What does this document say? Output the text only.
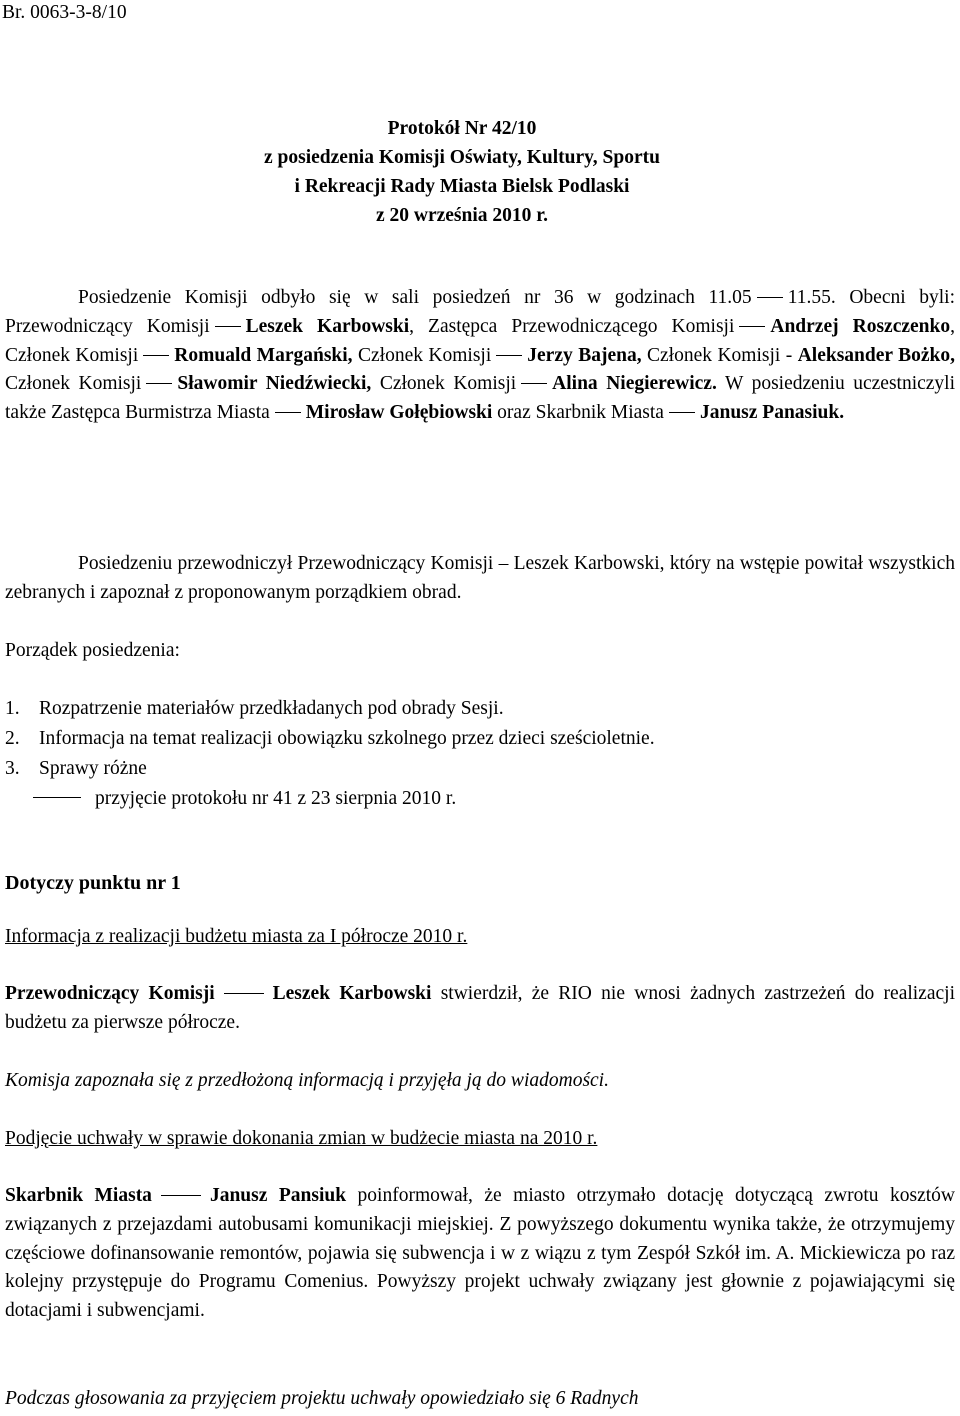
Br. 0063-3-8/10
Protokół Nr 42/10
z posiedzenia Komisji Oświaty, Kultury, Sportu
i Rekreacji Rady Miasta Bielsk Podlaski
z 20 września 2010 r.
Posiedzenie Komisji odbyło się w sali posiedzeń nr 36 w godzinach 11.05 11.55. Obecni byli: Przewodniczący Komisji Leszek Karbowski, Zastępca Przewodniczącego Komisji Andrzej Roszczenko, Członek Komisji Romuald Margański, Członek Komisji Jerzy Bajena, Członek Komisji - Aleksander Bożko, Członek Komisji Sławomir Niedźwiecki, Członek Komisji Alina Niegierewicz. W posiedzeniu uczestniczyli także Zastępca Burmistrza Miasta Mirosław Gołębiowski oraz Skarbnik Miasta Janusz Panasiuk.
Posiedzeniu przewodniczył Przewodniczący Komisji – Leszek Karbowski, który na wstępie powitał wszystkich zebranych i zapoznał z proponowanym porządkiem obrad.
Porządek posiedzenia:
1. Rozpatrzenie materiałów przedkładanych pod obrady Sesji.
2. Informacja na temat realizacji obowiązku szkolnego przez dzieci sześcioletnie.
3. Sprawy różne
przyjęcie protokołu nr 41 z 23 sierpnia 2010 r.
Dotyczy punktu nr 1
Informacja z realizacji budżetu miasta za I półrocze 2010 r.
Przewodniczący Komisji	Leszek Karbowski stwierdził, że RIO nie wnosi żadnych zastrzeżeń do realizacji budżetu za pierwsze półrocze.
Komisja zapoznała się z przedłożoną informacją i przyjęła ją do wiadomości.
Podjęcie uchwały w sprawie dokonania zmian w budżecie miasta na 2010 r.
Skarbnik Miasta	Janusz Pansiuk poinformował, że miasto otrzymało dotację dotyczącą zwrotu kosztów związanych z przejazdami autobusami komunikacji miejskiej. Z powyższego dokumentu wynika także, że otrzymujemy częściowe dofinansowanie remontów, pojawia się subwencja i w z wiązu z tym Zespół Szkół im. A. Mickiewicza po raz kolejny przystępuje do Programu Comenius. Powyższy projekt uchwały związany jest głownie z pojawiającymi się dotacjami i subwencjami.
Podczas głosowania za przyjęciem projektu uchwały opowiedziało się 6 Radnych
